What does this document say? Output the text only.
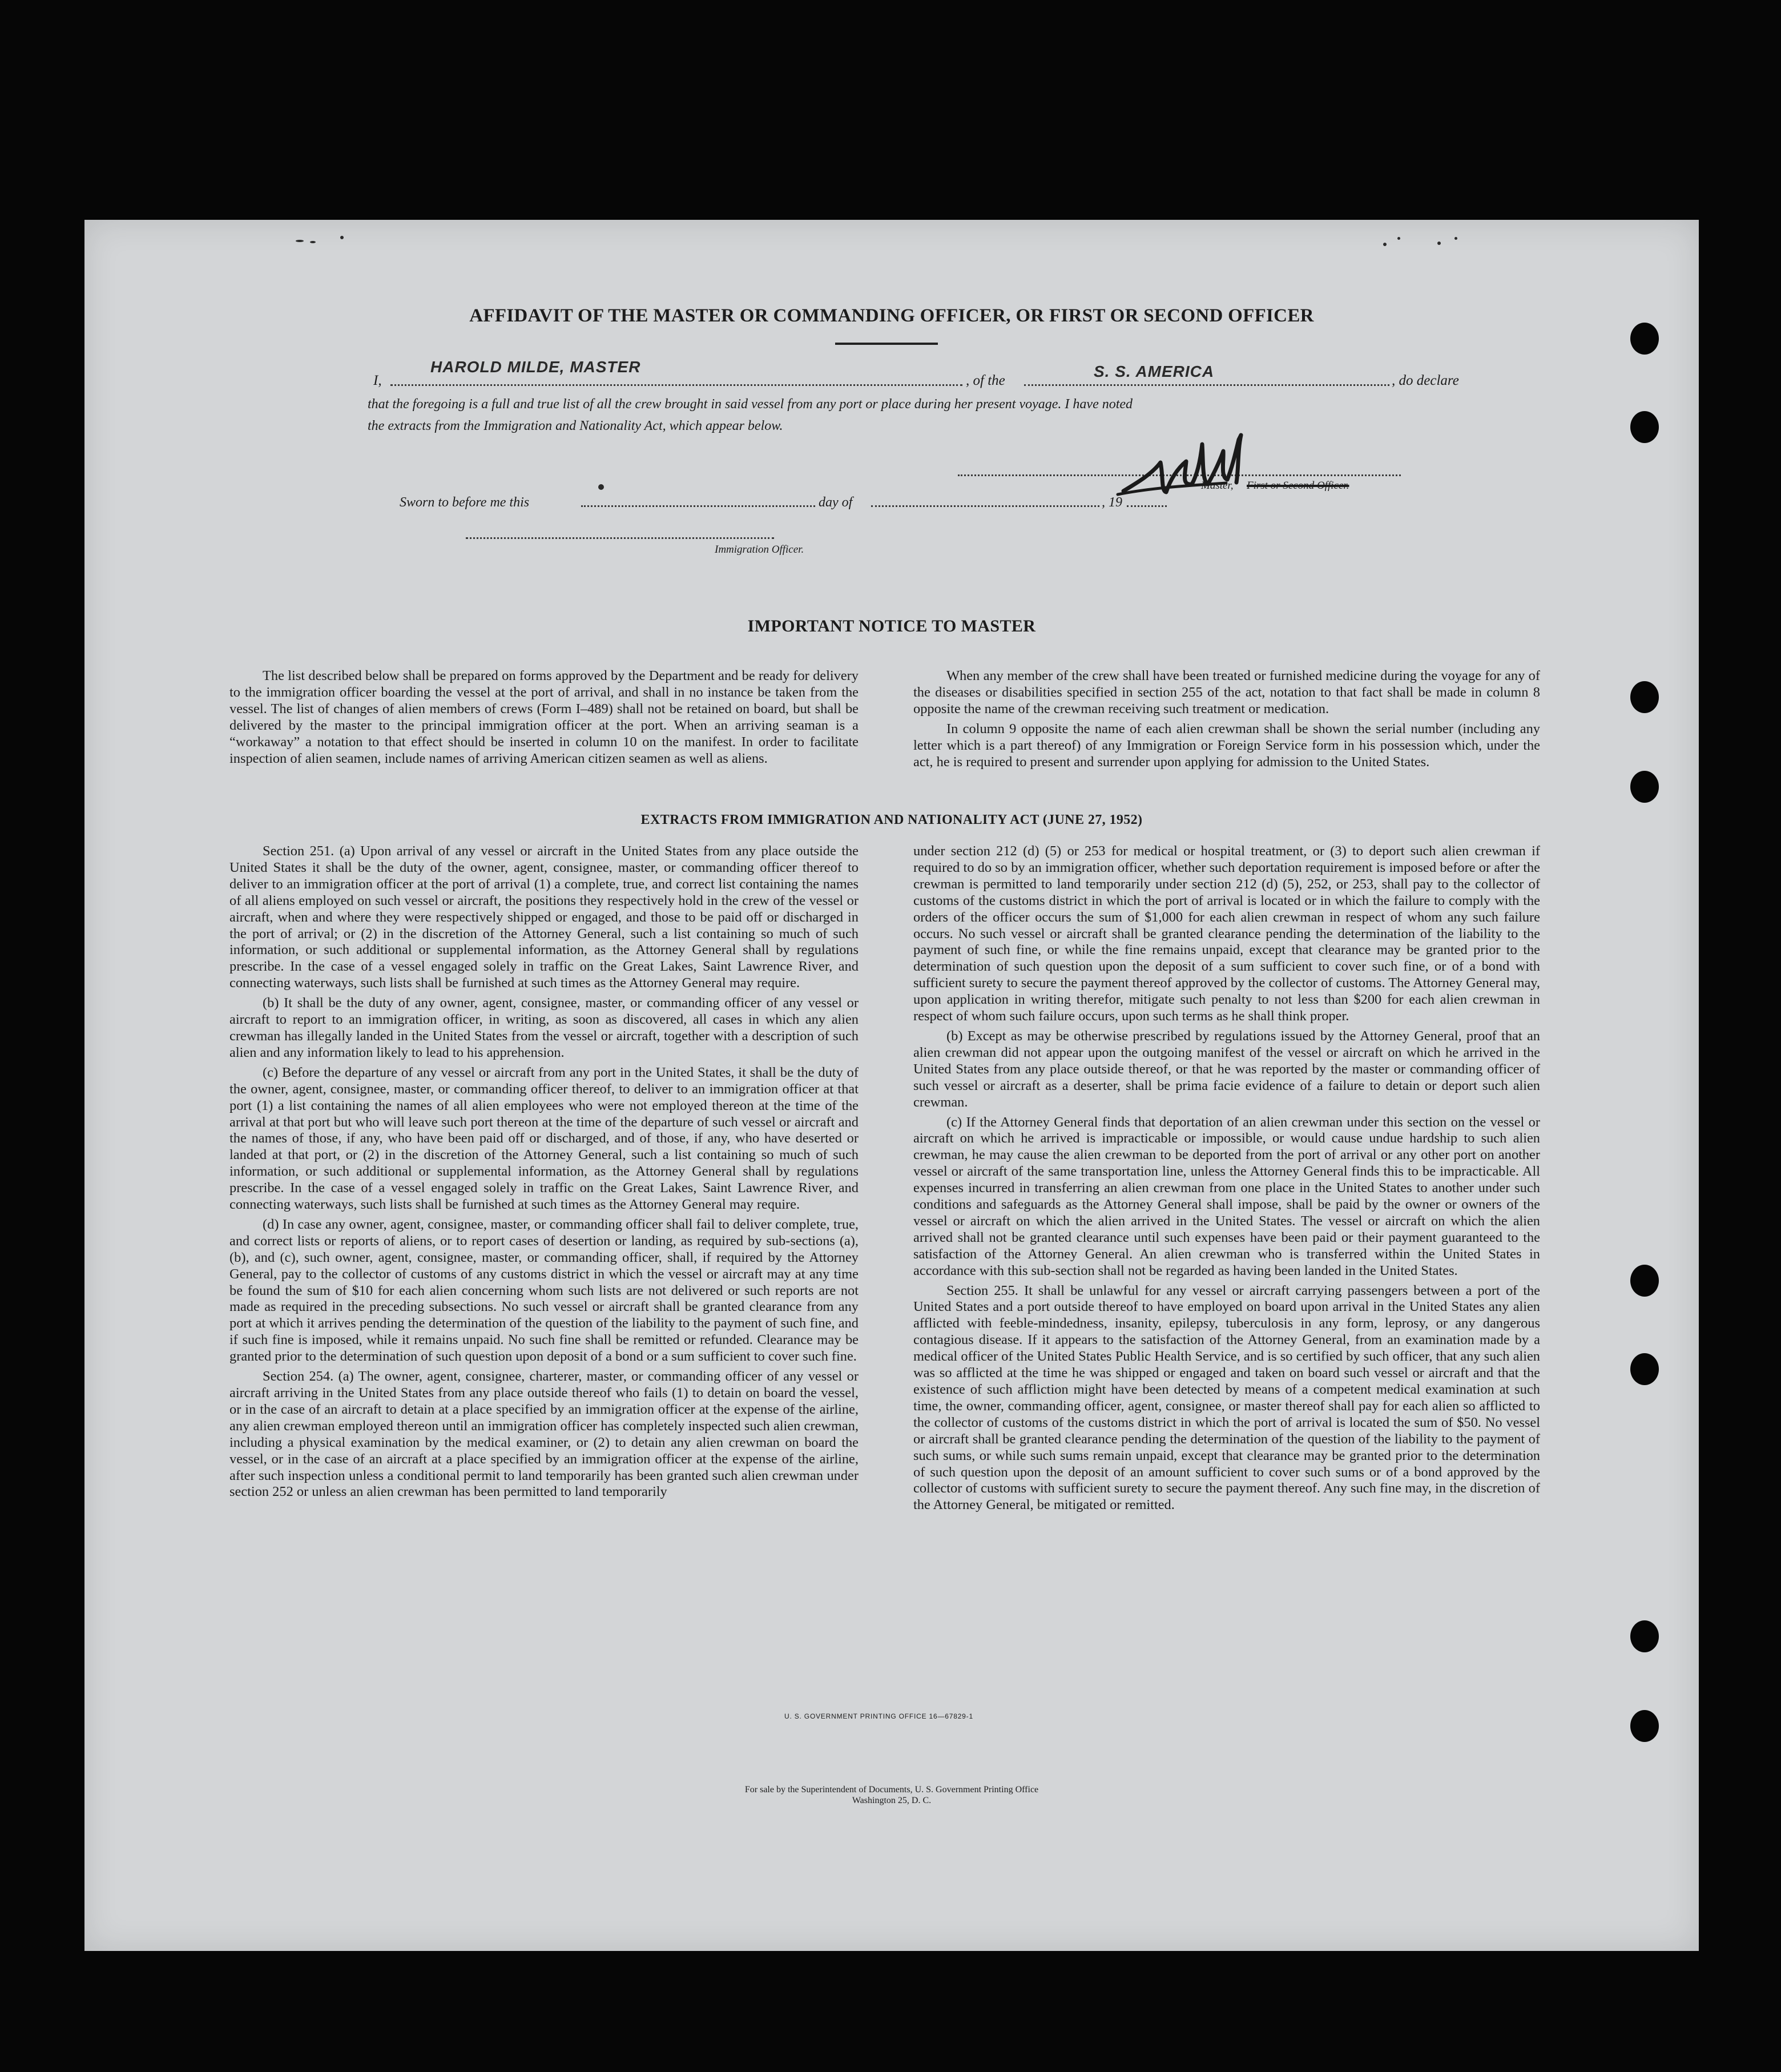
AFFIDAVIT OF THE MASTER OR COMMANDING OFFICER, OR FIRST OR SECOND OFFICER
I,
HAROLD MILDE, MASTER
, of the
S. S. AMERICA
, do declare
that the foregoing is a full and true list of all the crew brought in said vessel from any port or place during her present voyage. I have noted
the extracts from the Immigration and Nationality Act, which appear below.
Master, First or Second Officer.
Sworn to before me this	day of	, 19
Immigration Officer.
IMPORTANT NOTICE TO MASTER

The list described below shall be prepared on forms approved by the Department and be ready for delivery to the immigration officer boarding the vessel at the port of arrival, and shall in no instance be taken from the vessel. The list of changes of alien members of crews (Form I–489) shall not be retained on board, but shall be delivered by the master to the principal immigration officer at the port. When an arriving seaman is a “workaway” a notation to that effect should be inserted in column 10 on the manifest. In order to facilitate inspection of alien seamen, include names of arriving American citizen seamen as well as aliens.

When any member of the crew shall have been treated or furnished medicine during the voyage for any of the diseases or disabilities specified in section 255 of the act, notation to that fact shall be made in column 8 opposite the name of the crewman receiving such treatment or medication.

In column 9 opposite the name of each alien crewman shall be shown the serial number (including any letter which is a part thereof) of any Immigration or Foreign Service form in his possession which, under the act, he is required to present and surrender upon applying for admission to the United States.

EXTRACTS FROM IMMIGRATION AND NATIONALITY ACT (JUNE 27, 1952)

Section 251. (a) Upon arrival of any vessel or aircraft in the United States from any place outside the United States it shall be the duty of the owner, agent, consignee, master, or commanding officer thereof to deliver to an immigration officer at the port of arrival (1) a complete, true, and correct list containing the names of all aliens employed on such vessel or aircraft, the positions they respectively hold in the crew of the vessel or aircraft, when and where they were respectively shipped or engaged, and those to be paid off or discharged in the port of arrival; or (2) in the discretion of the Attorney General, such a list containing so much of such information, or such additional or supplemental information, as the Attorney General shall by regulations prescribe. In the case of a vessel engaged solely in traffic on the Great Lakes, Saint Lawrence River, and connecting waterways, such lists shall be furnished at such times as the Attorney General may require.

(b) It shall be the duty of any owner, agent, consignee, master, or commanding officer of any vessel or aircraft to report to an immigration officer, in writing, as soon as discovered, all cases in which any alien crewman has illegally landed in the United States from the vessel or aircraft, together with a description of such alien and any information likely to lead to his apprehension.

(c) Before the departure of any vessel or aircraft from any port in the United States, it shall be the duty of the owner, agent, consignee, master, or commanding officer thereof, to deliver to an immigration officer at that port (1) a list containing the names of all alien employees who were not employed thereon at the time of the arrival at that port but who will leave such port thereon at the time of the departure of such vessel or aircraft and the names of those, if any, who have been paid off or discharged, and of those, if any, who have deserted or landed at that port, or (2) in the discretion of the Attorney General, such a list containing so much of such information, or such additional or supplemental information, as the Attorney General shall by regulations prescribe. In the case of a vessel engaged solely in traffic on the Great Lakes, Saint Lawrence River, and connecting waterways, such lists shall be furnished at such times as the Attorney General may require.

(d) In case any owner, agent, consignee, master, or commanding officer shall fail to deliver complete, true, and correct lists or reports of aliens, or to report cases of desertion or landing, as required by sub-sections (a), (b), and (c), such owner, agent, consignee, master, or commanding officer, shall, if required by the Attorney General, pay to the collector of customs of any customs district in which the vessel or aircraft may at any time be found the sum of $10 for each alien concerning whom such lists are not delivered or such reports are not made as required in the preceding subsections. No such vessel or aircraft shall be granted clearance from any port at which it arrives pending the determination of the question of the liability to the payment of such fine, and if such fine is imposed, while it remains unpaid. No such fine shall be remitted or refunded. Clearance may be granted prior to the determination of such question upon deposit of a bond or a sum sufficient to cover such fine.

Section 254. (a) The owner, agent, consignee, charterer, master, or commanding officer of any vessel or aircraft arriving in the United States from any place outside thereof who fails (1) to detain on board the vessel, or in the case of an aircraft to detain at a place specified by an immigration officer at the expense of the airline, any alien crewman employed thereon until an immigration officer has completely inspected such alien crewman, including a physical examination by the medical examiner, or (2) to detain any alien crewman on board the vessel, or in the case of an aircraft at a place specified by an immigration officer at the expense of the airline, after such inspection unless a conditional permit to land temporarily has been granted such alien crewman under section 252 or unless an alien crewman has been permitted to land temporarily

under section 212 (d) (5) or 253 for medical or hospital treatment, or (3) to deport such alien crewman if required to do so by an immigration officer, whether such deportation requirement is imposed before or after the crewman is permitted to land temporarily under section 212 (d) (5), 252, or 253, shall pay to the collector of customs of the customs district in which the port of arrival is located or in which the failure to comply with the orders of the officer occurs the sum of $1,000 for each alien crewman in respect of whom any such failure occurs. No such vessel or aircraft shall be granted clearance pending the determination of the liability to the payment of such fine, or while the fine remains unpaid, except that clearance may be granted prior to the determination of such question upon the deposit of a sum sufficient to cover such fine, or of a bond with sufficient surety to secure the payment thereof approved by the collector of customs. The Attorney General may, upon application in writing therefor, mitigate such penalty to not less than $200 for each alien crewman in respect of whom such failure occurs, upon such terms as he shall think proper.

(b) Except as may be otherwise prescribed by regulations issued by the Attorney General, proof that an alien crewman did not appear upon the outgoing manifest of the vessel or aircraft on which he arrived in the United States from any place outside thereof, or that he was reported by the master or commanding officer of such vessel or aircraft as a deserter, shall be prima facie evidence of a failure to detain or deport such alien crewman.

(c) If the Attorney General finds that deportation of an alien crewman under this section on the vessel or aircraft on which he arrived is impracticable or impossible, or would cause undue hardship to such alien crewman, he may cause the alien crewman to be deported from the port of arrival or any other port on another vessel or aircraft of the same transportation line, unless the Attorney General finds this to be impracticable. All expenses incurred in transferring an alien crewman from one place in the United States to another under such conditions and safeguards as the Attorney General shall impose, shall be paid by the owner or owners of the vessel or aircraft on which the alien arrived in the United States. The vessel or aircraft on which the alien arrived shall not be granted clearance until such expenses have been paid or their payment guaranteed to the satisfaction of the Attorney General. An alien crewman who is transferred within the United States in accordance with this sub-section shall not be regarded as having been landed in the United States.

Section 255. It shall be unlawful for any vessel or aircraft carrying passengers between a port of the United States and a port outside thereof to have employed on board upon arrival in the United States any alien afflicted with feeble-mindedness, insanity, epilepsy, tuberculosis in any form, leprosy, or any dangerous contagious disease. If it appears to the satisfaction of the Attorney General, from an examination made by a medical officer of the United States Public Health Service, and is so certified by such officer, that any such alien was so afflicted at the time he was shipped or engaged and taken on board such vessel or aircraft and that the existence of such affliction might have been detected by means of a competent medical examination at such time, the owner, commanding officer, agent, consignee, or master thereof shall pay for each alien so afflicted to the collector of customs of the customs district in which the port of arrival is located the sum of $50. No vessel or aircraft shall be granted clearance pending the determination of the question of the liability to the payment of such sums, or while such sums remain unpaid, except that clearance may be granted prior to the determination of such question upon the deposit of an amount sufficient to cover such sums or of a bond approved by the collector of customs with sufficient surety to secure the payment thereof. Any such fine may, in the discretion of the Attorney General, be mitigated or remitted.

U. S. GOVERNMENT PRINTING OFFICE 16—67829-1
For sale by the Superintendent of Documents, U. S. Government Printing Office
Washington 25, D. C.
